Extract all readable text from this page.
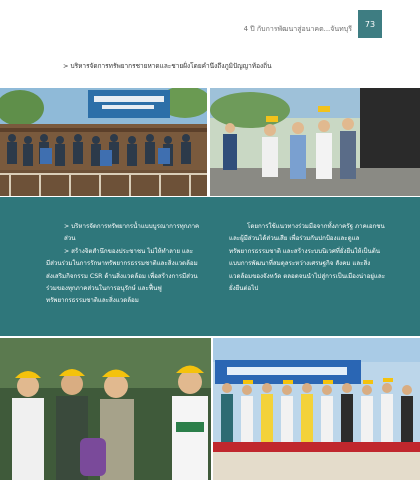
4 ปี กับการพัฒนาสู่อนาคต...จันทบุรี
73
> บริหารจัดการทรัพยากรชายหาดและชายฝั่งโดยคำนึงถึงภูมิปัญญาท้องถิ่น

> บริหารจัดการทรัพยากรน้ำแบบบูรณาการทุกภาคส่วน

> สร้างจิตสำนึกของประชาชน ไม่ให้ทำลาย และ

มีส่วนร่วมในการรักษาทรัพยากรธรรมชาติและสิ่งแวดล้อม ส่งเสริมกิจกรรม CSR ด้านสิ่งแวดล้อม เพื่อสร้างการมีส่วนร่วมของทุกภาคส่วนในการอนุรักษ์ และฟื้นฟูทรัพยากรธรรมชาติและสิ่งแวดล้อม

โดยการใช้แนวทางร่วมมือจากทั้งภาครัฐ ภาคเอกชน และผู้มีส่วนได้ส่วนเสีย เพื่อร่วมกันปกป้องและดูแลทรัพยากรธรรมชาติ และสร้างระบบนิเวศที่ยั่งยืนให้เป็นต้นแบบการพัฒนาที่สมดุลระหว่างเศรษฐกิจ สังคม และสิ่งแวดล้อมของจังหวัด ตลอดจนนำไปสู่การเป็นเมืองน่าอยู่และยั่งยืนต่อไป
